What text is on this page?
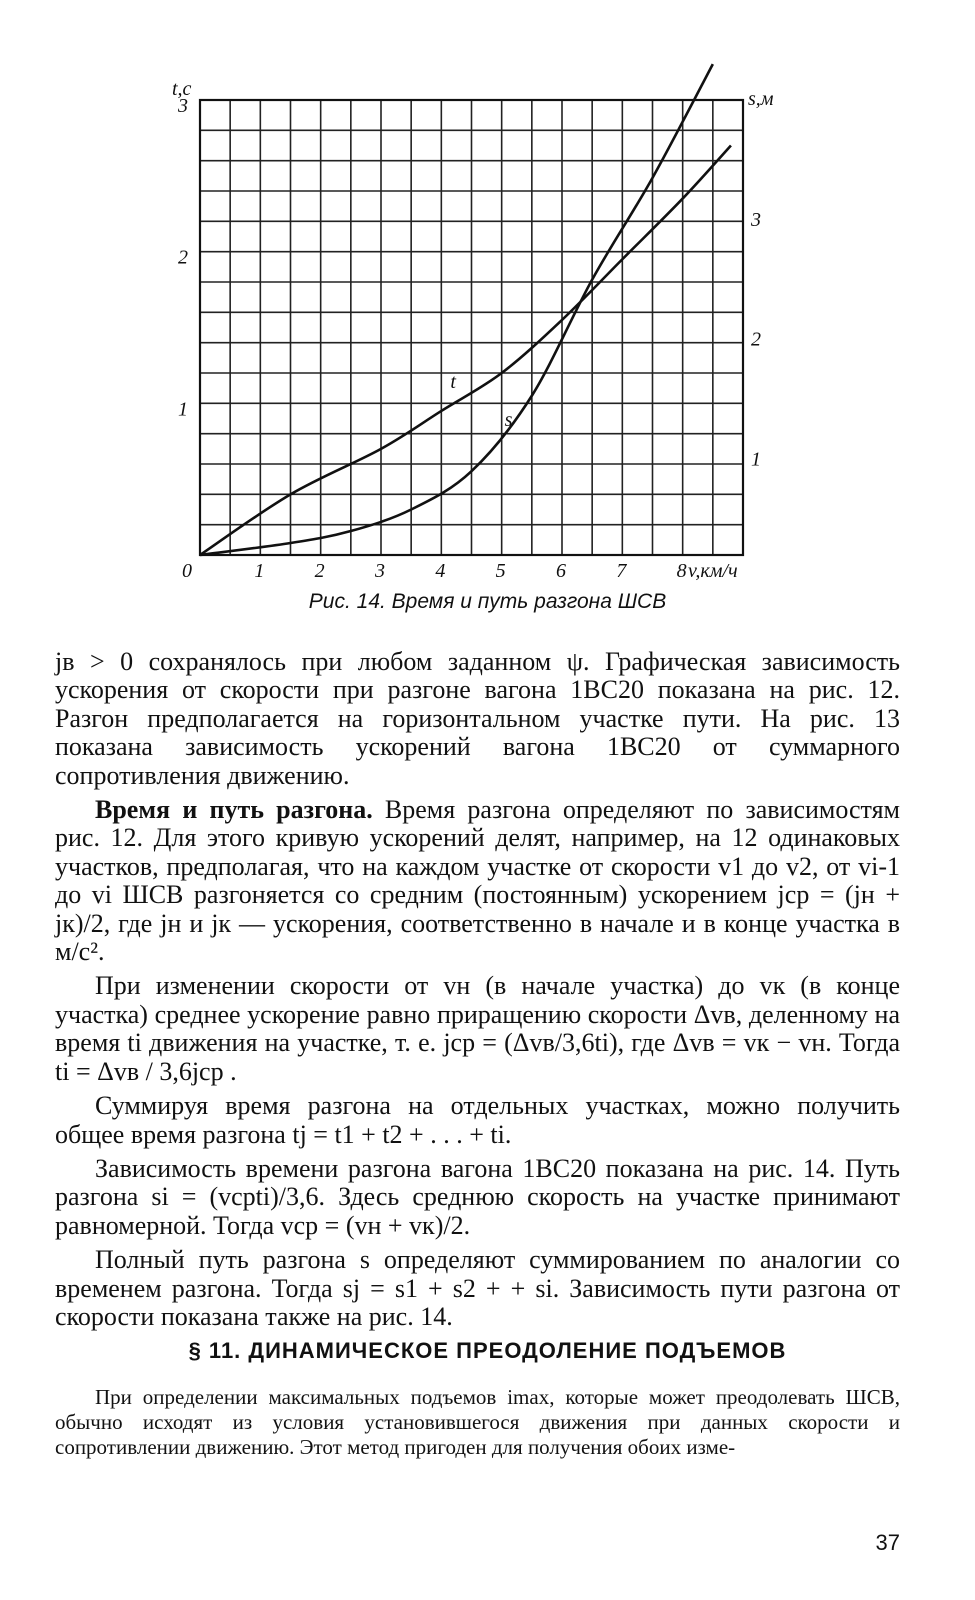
0	1	2	3	4	5	6	7	8
1
2
3
1
2
3
t
s
t,c	s,м
v,км/ч
Рис. 14. Время и путь разгона ШСВ

jв > 0 сохранялось при любом заданном ψ. Графическая зависимость ускорения от скорости при разгоне вагона 1ВС20 показана на рис. 12. Разгон предполагается на горизонтальном участке пути. На рис. 13 показана зависимость ускорений вагона 1ВС20 от суммарного сопротивления движению.

Время и путь разгона. Время разгона определяют по зависимостям рис. 12. Для этого кривую ускорений делят, например, на 12 одинаковых участков, предполагая, что на каждом участке от скорости v1 до v2, от vi-1 до vi ШСВ разгоняется со средним (постоянным) ускорением jср = (jн + jк)/2, где jн и jк — ускорения, соответственно в начале и в конце участка в м/с².

При изменении скорости от vн (в начале участка) до vк (в конце участка) среднее ускорение равно приращению скорости Δvв, деленному на время ti движения на участке, т. е. jср = (Δvв/3,6ti), где Δvв = vк − vн. Тогда ti = Δvв / 3,6jср .

Суммируя время разгона на отдельных участках, можно получить общее время разгона tj = t1 + t2 + . . . + ti.

Зависимость времени разгона вагона 1ВС20 показана на рис. 14. Путь разгона si = (vсрti)/3,6. Здесь среднюю скорость на участке принимают равномерной. Тогда vср = (vн + vк)/2.

Полный путь разгона s определяют суммированием по аналогии со временем разгона. Тогда sj = s1 + s2 + + si. Зависимость пути разгона от скорости показана также на рис. 14.

§ 11. ДИНАМИЧЕСКОЕ ПРЕОДОЛЕНИЕ ПОДЪЕМОВ

При определении максимальных подъемов imax, которые может преодолевать ШСВ, обычно исходят из условия установившегося движения при данных скорости и сопротивлении движению. Этот метод пригоден для получения обоих изме-

37
